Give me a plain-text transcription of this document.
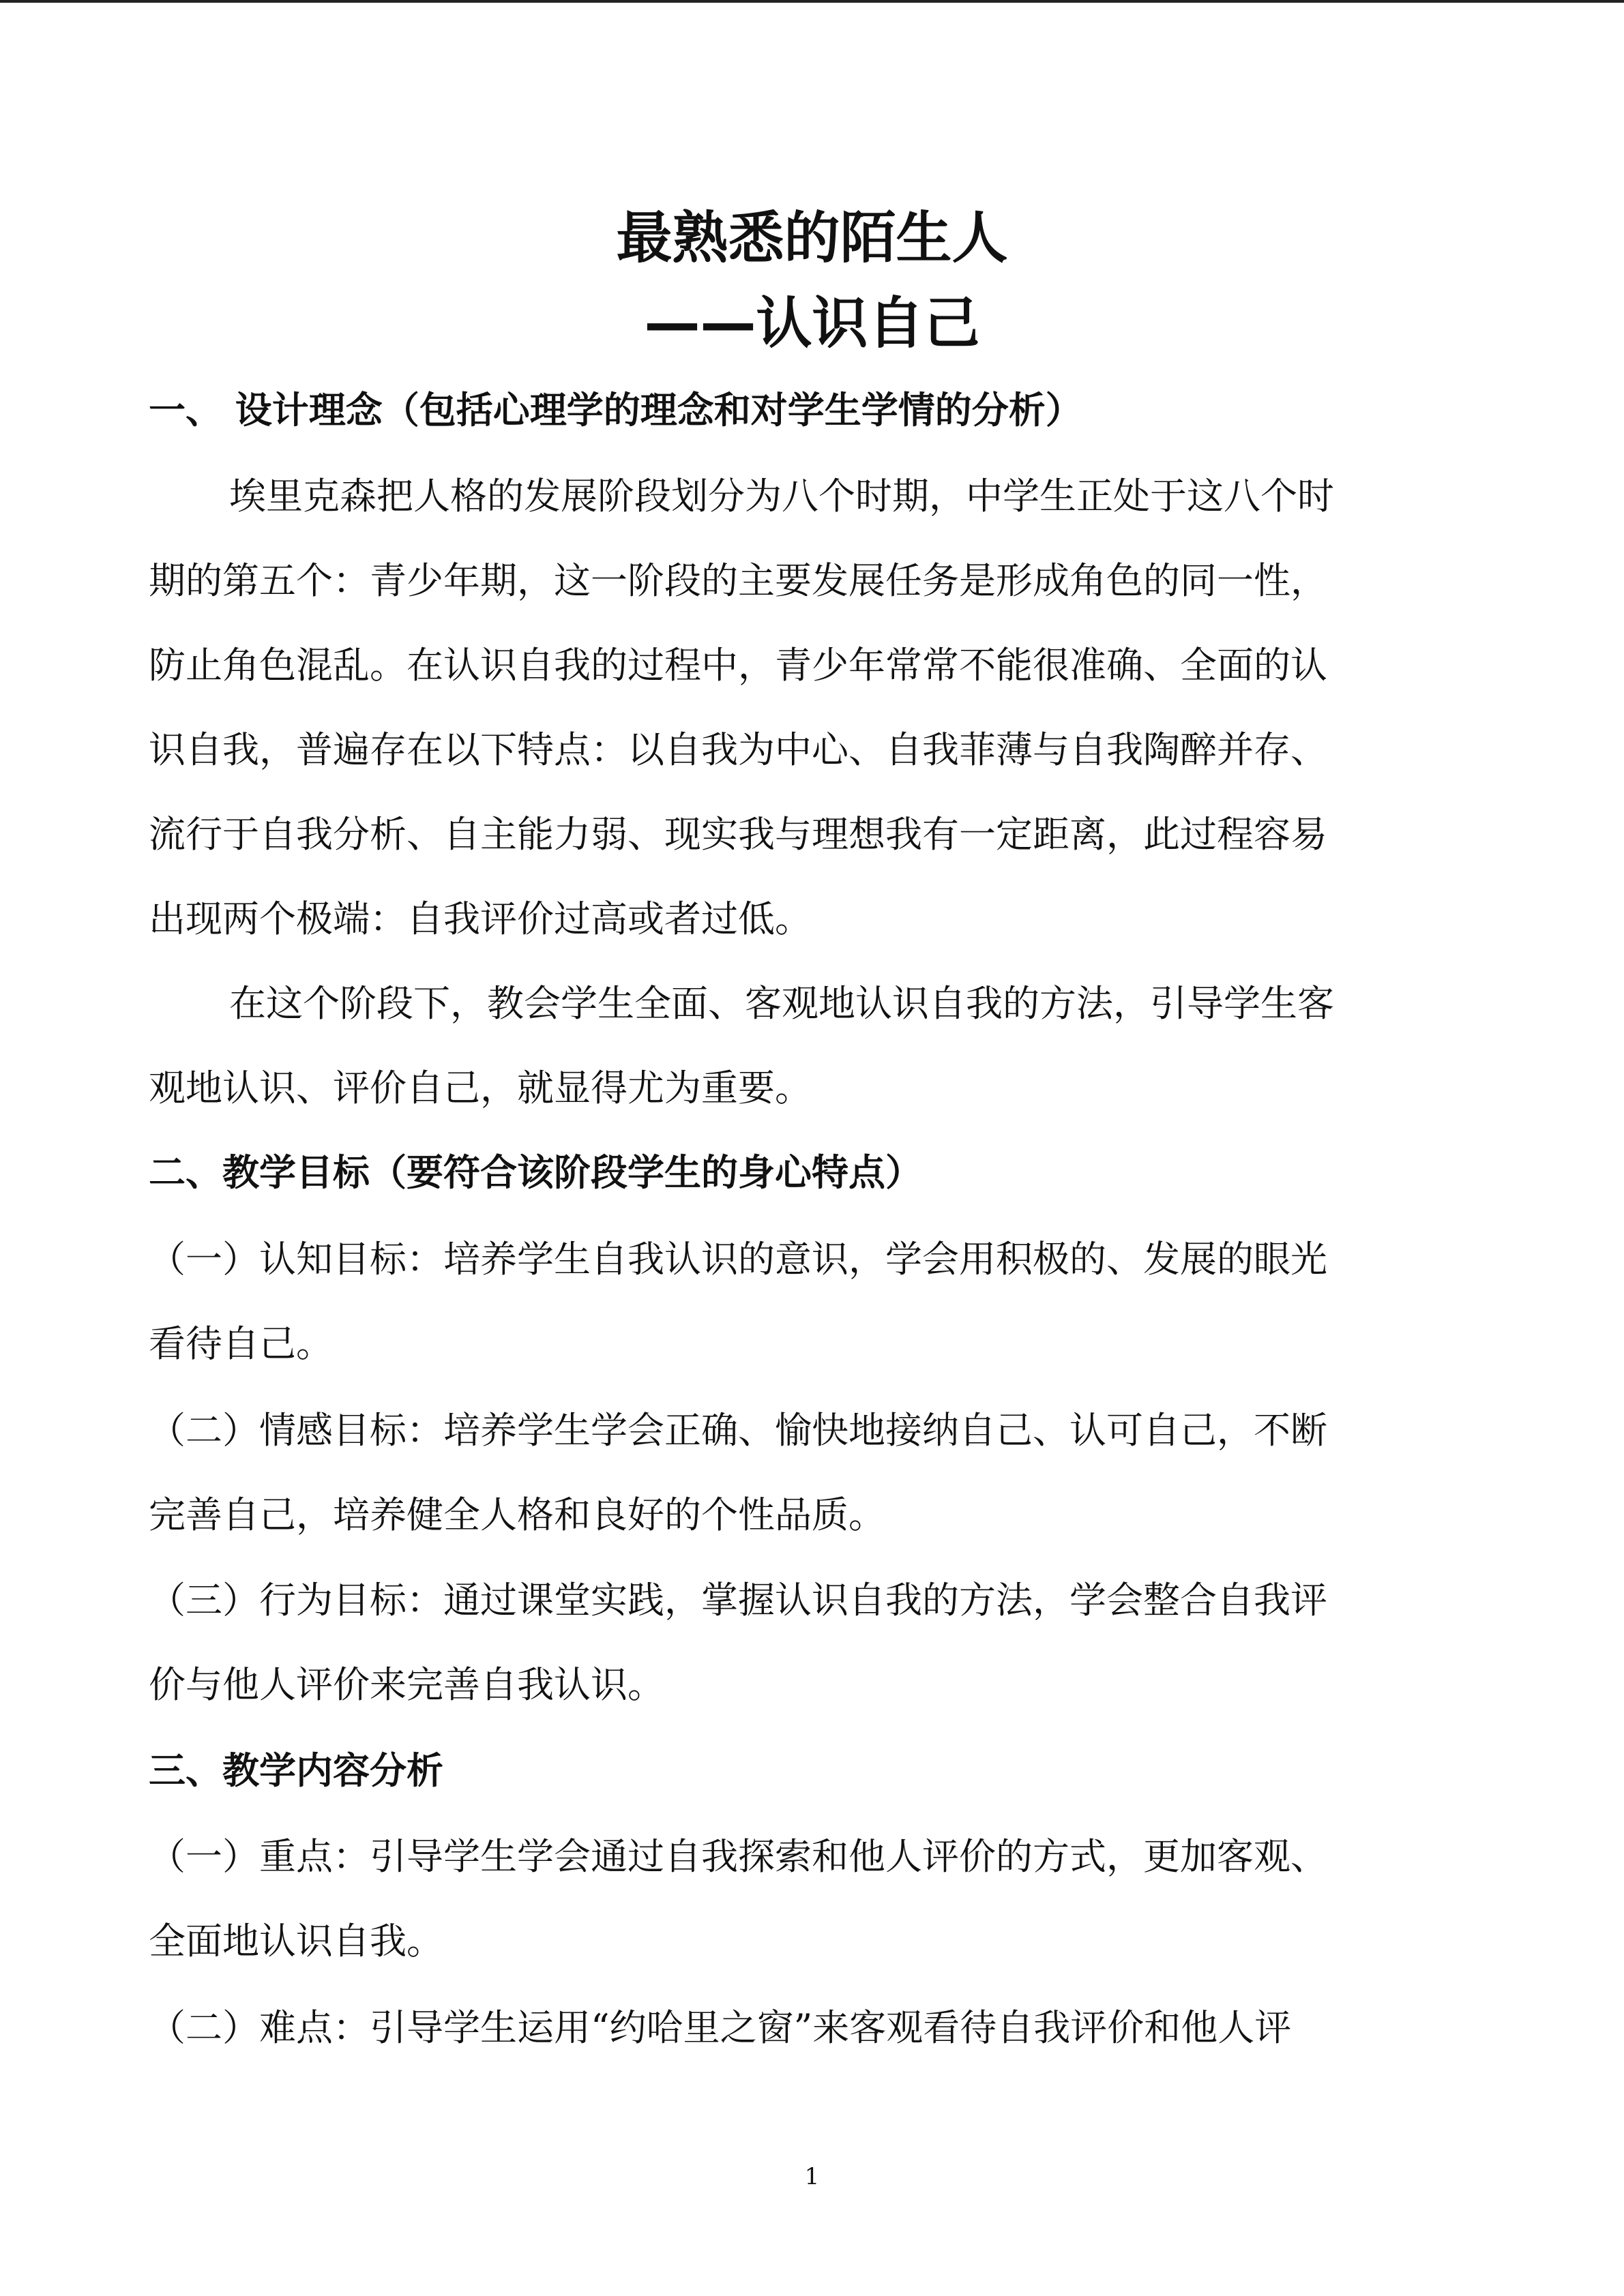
最熟悉的陌生人
——认识自己
一、 设计理念（包括心理学的理念和对学生学情的分析）
埃里克森把人格的发展阶段划分为八个时期，中学生正处于这八个时
期的第五个：青少年期，这一阶段的主要发展任务是形成角色的同一性，
防止角色混乱。在认识自我的过程中，青少年常常不能很准确、全面的认
识自我，普遍存在以下特点：以自我为中心、自我菲薄与自我陶醉并存、
流行于自我分析、自主能力弱、现实我与理想我有一定距离，此过程容易
出现两个极端：自我评价过高或者过低。
在这个阶段下，教会学生全面、客观地认识自我的方法，引导学生客
观地认识、评价自己，就显得尤为重要。
二、教学目标（要符合该阶段学生的身心特点）
（一）认知目标：培养学生自我认识的意识，学会用积极的、发展的眼光
看待自己。
（二）情感目标：培养学生学会正确、愉快地接纳自己、认可自己，不断
完善自己，培养健全人格和良好的个性品质。
（三）行为目标：通过课堂实践，掌握认识自我的方法，学会整合自我评
价与他人评价来完善自我认识。
三、教学内容分析
（一）重点：引导学生学会通过自我探索和他人评价的方式，更加客观、
全面地认识自我。
（二）难点：引导学生运用“约哈里之窗”来客观看待自我评价和他人评
1
